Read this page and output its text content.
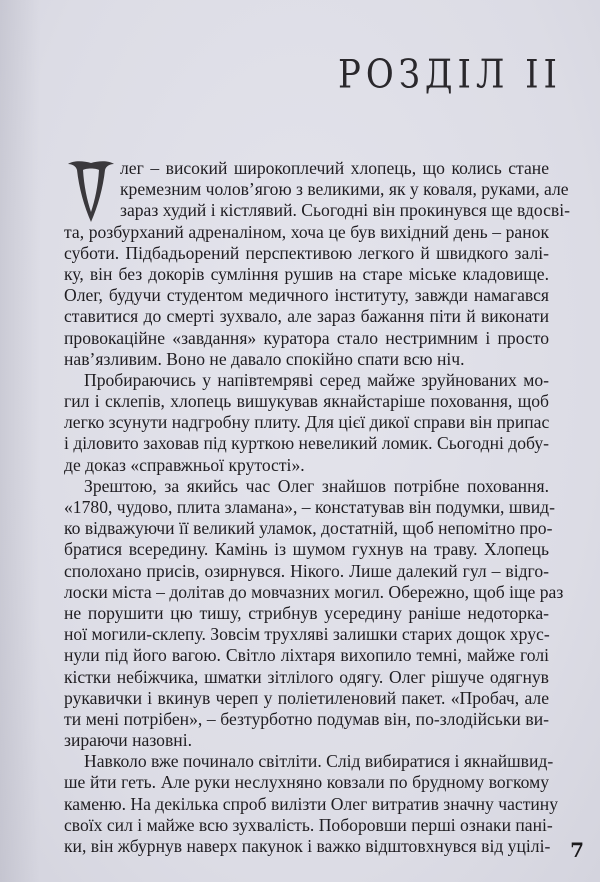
РОЗДІЛ II
лег – високий широкоплечий хлопець, що колись стане
кремезним чолов’ягою з великими, як у коваля, руками, але
зараз худий і кістлявий. Сьогодні він прокинувся ще вдосві-
та, розбурханий адреналіном, хоча це був вихідний день – ранок
суботи. Підбадьорений перспективою легкого й швидкого залі-
ку, він без докорів сумління рушив на старе міське кладовище.
Олег, будучи студентом медичного інституту, завжди намагався
ставитися до смерті зухвало, але зараз бажання піти й виконати
провокаційне «завдання» куратора стало нестримним і просто
нав’язливим. Воно не давало спокійно спати всю ніч.
Пробираючись у напівтемряві серед майже зруйнованих мо-
гил і склепів, хлопець вишукував якнайстаріше поховання, щоб
легко зсунути надгробну плиту. Для цієї дикої справи він припас
і діловито заховав під курткою невеликий ломик. Сьогодні добу-
де доказ «справжньої крутості».
Зрештою, за якийсь час Олег знайшов потрібне поховання.
«1780, чудово, плита зламана», – констатував він подумки, швид-
ко відважуючи її великий уламок, достатній, щоб непомітно про-
братися всередину. Камінь із шумом гухнув на траву. Хлопець
сполохано присів, озирнувся. Нікого. Лише далекий гул – відго-
лоски міста – долітав до мовчазних могил. Обережно, щоб іще раз
не порушити цю тишу, стрибнув усередину раніше недоторка-
ної могили-склепу. Зовсім трухляві залишки старих дощок хрус-
нули під його вагою. Світло ліхтаря вихопило темні, майже голі
кістки небіжчика, шматки зітлілого одягу. Олег рішуче одягнув
рукавички і вкинув череп у поліетиленовий пакет. «Пробач, але
ти мені потрібен», – безтурботно подумав він, по-злодійськи ви-
зираючи назовні.
Навколо вже починало світліти. Слід вибиратися і якнайшвид-
ше йти геть. Але руки неслухняно ковзали по брудному вогкому
каменю. На декілька спроб вилізти Олег витратив значну частину
своїх сил і майже всю зухвалість. Поборовши перші ознаки пані-
ки, він жбурнув наверх пакунок і важко відштовхнувся від уцілі- 7
